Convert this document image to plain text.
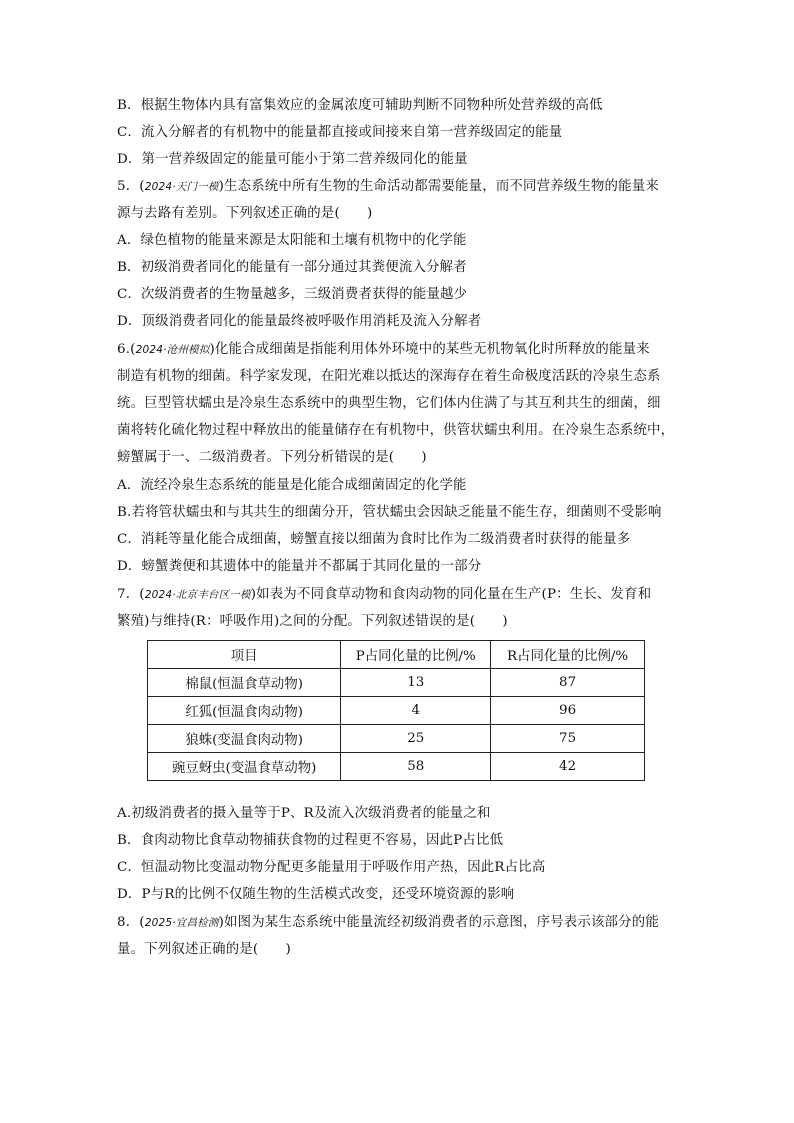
B．根据生物体内具有富集效应的金属浓度可辅助判断不同物种所处营养级的高低
C．流入分解者的有机物中的能量都直接或间接来自第一营养级固定的能量
D．第一营养级固定的能量可能小于第二营养级同化的能量
5．(2024·天门一模)生态系统中所有生物的生命活动都需要能量，而不同营养级生物的能量来
源与去路有差别。下列叙述正确的是(　　)
A．绿色植物的能量来源是太阳能和土壤有机物中的化学能
B．初级消费者同化的能量有一部分通过其粪便流入分解者
C．次级消费者的生物量越多，三级消费者获得的能量越少
D．顶级消费者同化的能量最终被呼吸作用消耗及流入分解者
6.(2024·沧州模拟)化能合成细菌是指能利用体外环境中的某些无机物氧化时所释放的能量来
制造有机物的细菌。科学家发现，在阳光难以抵达的深海存在着生命极度活跃的冷泉生态系
统。巨型管状蠕虫是冷泉生态系统中的典型生物，它们体内住满了与其互利共生的细菌，细
菌将转化硫化物过程中释放出的能量储存在有机物中，供管状蠕虫利用。在冷泉生态系统中，
螃蟹属于一、二级消费者。下列分析错误的是(　　)
A．流经冷泉生态系统的能量是化能合成细菌固定的化学能
B.若将管状蠕虫和与其共生的细菌分开，管状蠕虫会因缺乏能量不能生存，细菌则不受影响
C．消耗等量化能合成细菌，螃蟹直接以细菌为食时比作为二级消费者时获得的能量多
D．螃蟹粪便和其遗体中的能量并不都属于其同化量的一部分
7．(2024·北京丰台区一模)如表为不同食草动物和食肉动物的同化量在生产(P：生长、发育和
繁殖)与维持(R：呼吸作用)之间的分配。下列叙述错误的是(　　)
项目	P占同化量的比例/%	R占同化量的比例/%
棉鼠(恒温食草动物)	13	87
红狐(恒温食肉动物)	4	96
狼蛛(变温食肉动物)	25	75
豌豆蚜虫(变温食草动物)	58	42
A.初级消费者的摄入量等于P、R及流入次级消费者的能量之和
B．食肉动物比食草动物捕获食物的过程更不容易，因此P占比低
C．恒温动物比变温动物分配更多能量用于呼吸作用产热，因此R占比高
D．P与R的比例不仅随生物的生活模式改变，还受环境资源的影响
8．(2025·宜昌检测)如图为某生态系统中能量流经初级消费者的示意图，序号表示该部分的能
量。下列叙述正确的是(　　)
